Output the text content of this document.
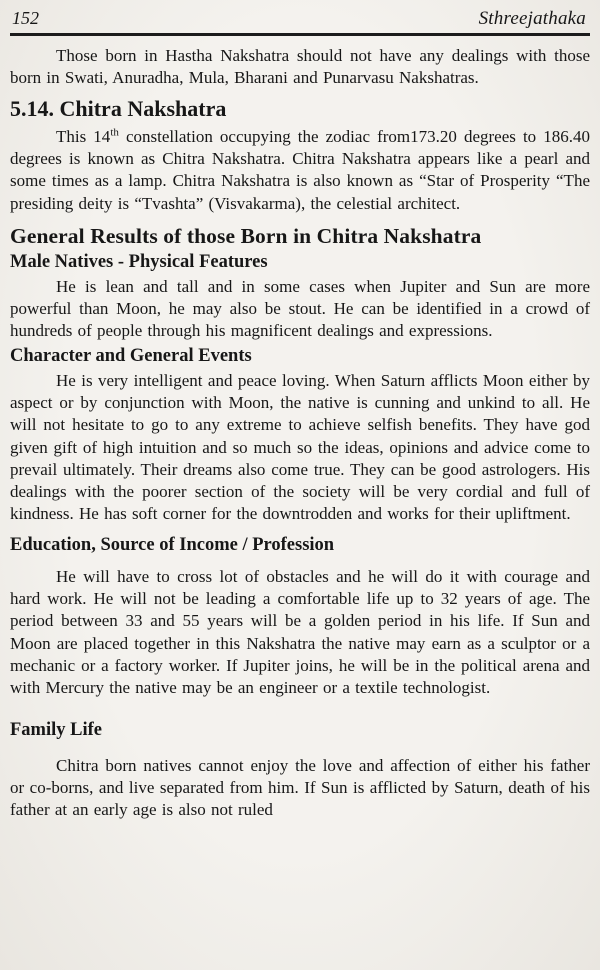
152	Sthreejathaka

Those born in Hastha Nakshatra should not have any dealings with those born in Swati, Anuradha, Mula, Bharani and Punarvasu Nakshatras.

5.14. Chitra Nakshatra

This 14th constellation occupying the zodiac from173.20 degrees to 186.40 degrees is known as Chitra Nakshatra. Chitra Nakshatra appears like a pearl and some times as a lamp. Chitra Nakshatra is also known as “Star of Prosperity “The presiding deity is “Tvashta” (Visvakarma), the celestial architect.

General Results of those Born in Chitra Nakshatra
Male Natives - Physical Features

He is lean and tall and in some cases when Jupiter and Sun are more powerful than Moon, he may also be stout. He can be identified in a crowd of hundreds of people through his magnificent dealings and expressions.

Character and General Events

He is very intelligent and peace loving. When Saturn afflicts Moon either by aspect or by conjunction with Moon, the native is cunning and unkind to all. He will not hesitate to go to any extreme to achieve selfish benefits. They have god given gift of high intuition and so much so the ideas, opinions and advice come to prevail ultimately. Their dreams also come true. They can be good astrologers. His dealings with the poorer section of the society will be very cordial and full of kindness. He has soft corner for the downtrodden and works for their upliftment.

Education, Source of Income / Profession

He will have to cross lot of obstacles and he will do it with courage and hard work. He will not be leading a comfortable life up to 32 years of age. The period between 33 and 55 years will be a golden period in his life. If Sun and Moon are placed together in this Nakshatra the native may earn as a sculptor or a mechanic or a factory worker. If Jupiter joins, he will be in the political arena and with Mercury the native may be an engineer or a textile technologist.

Family Life

Chitra born natives cannot enjoy the love and affection of either his father or co-borns, and live separated from him. If Sun is afflicted by Saturn, death of his father at an early age is also not ruled
